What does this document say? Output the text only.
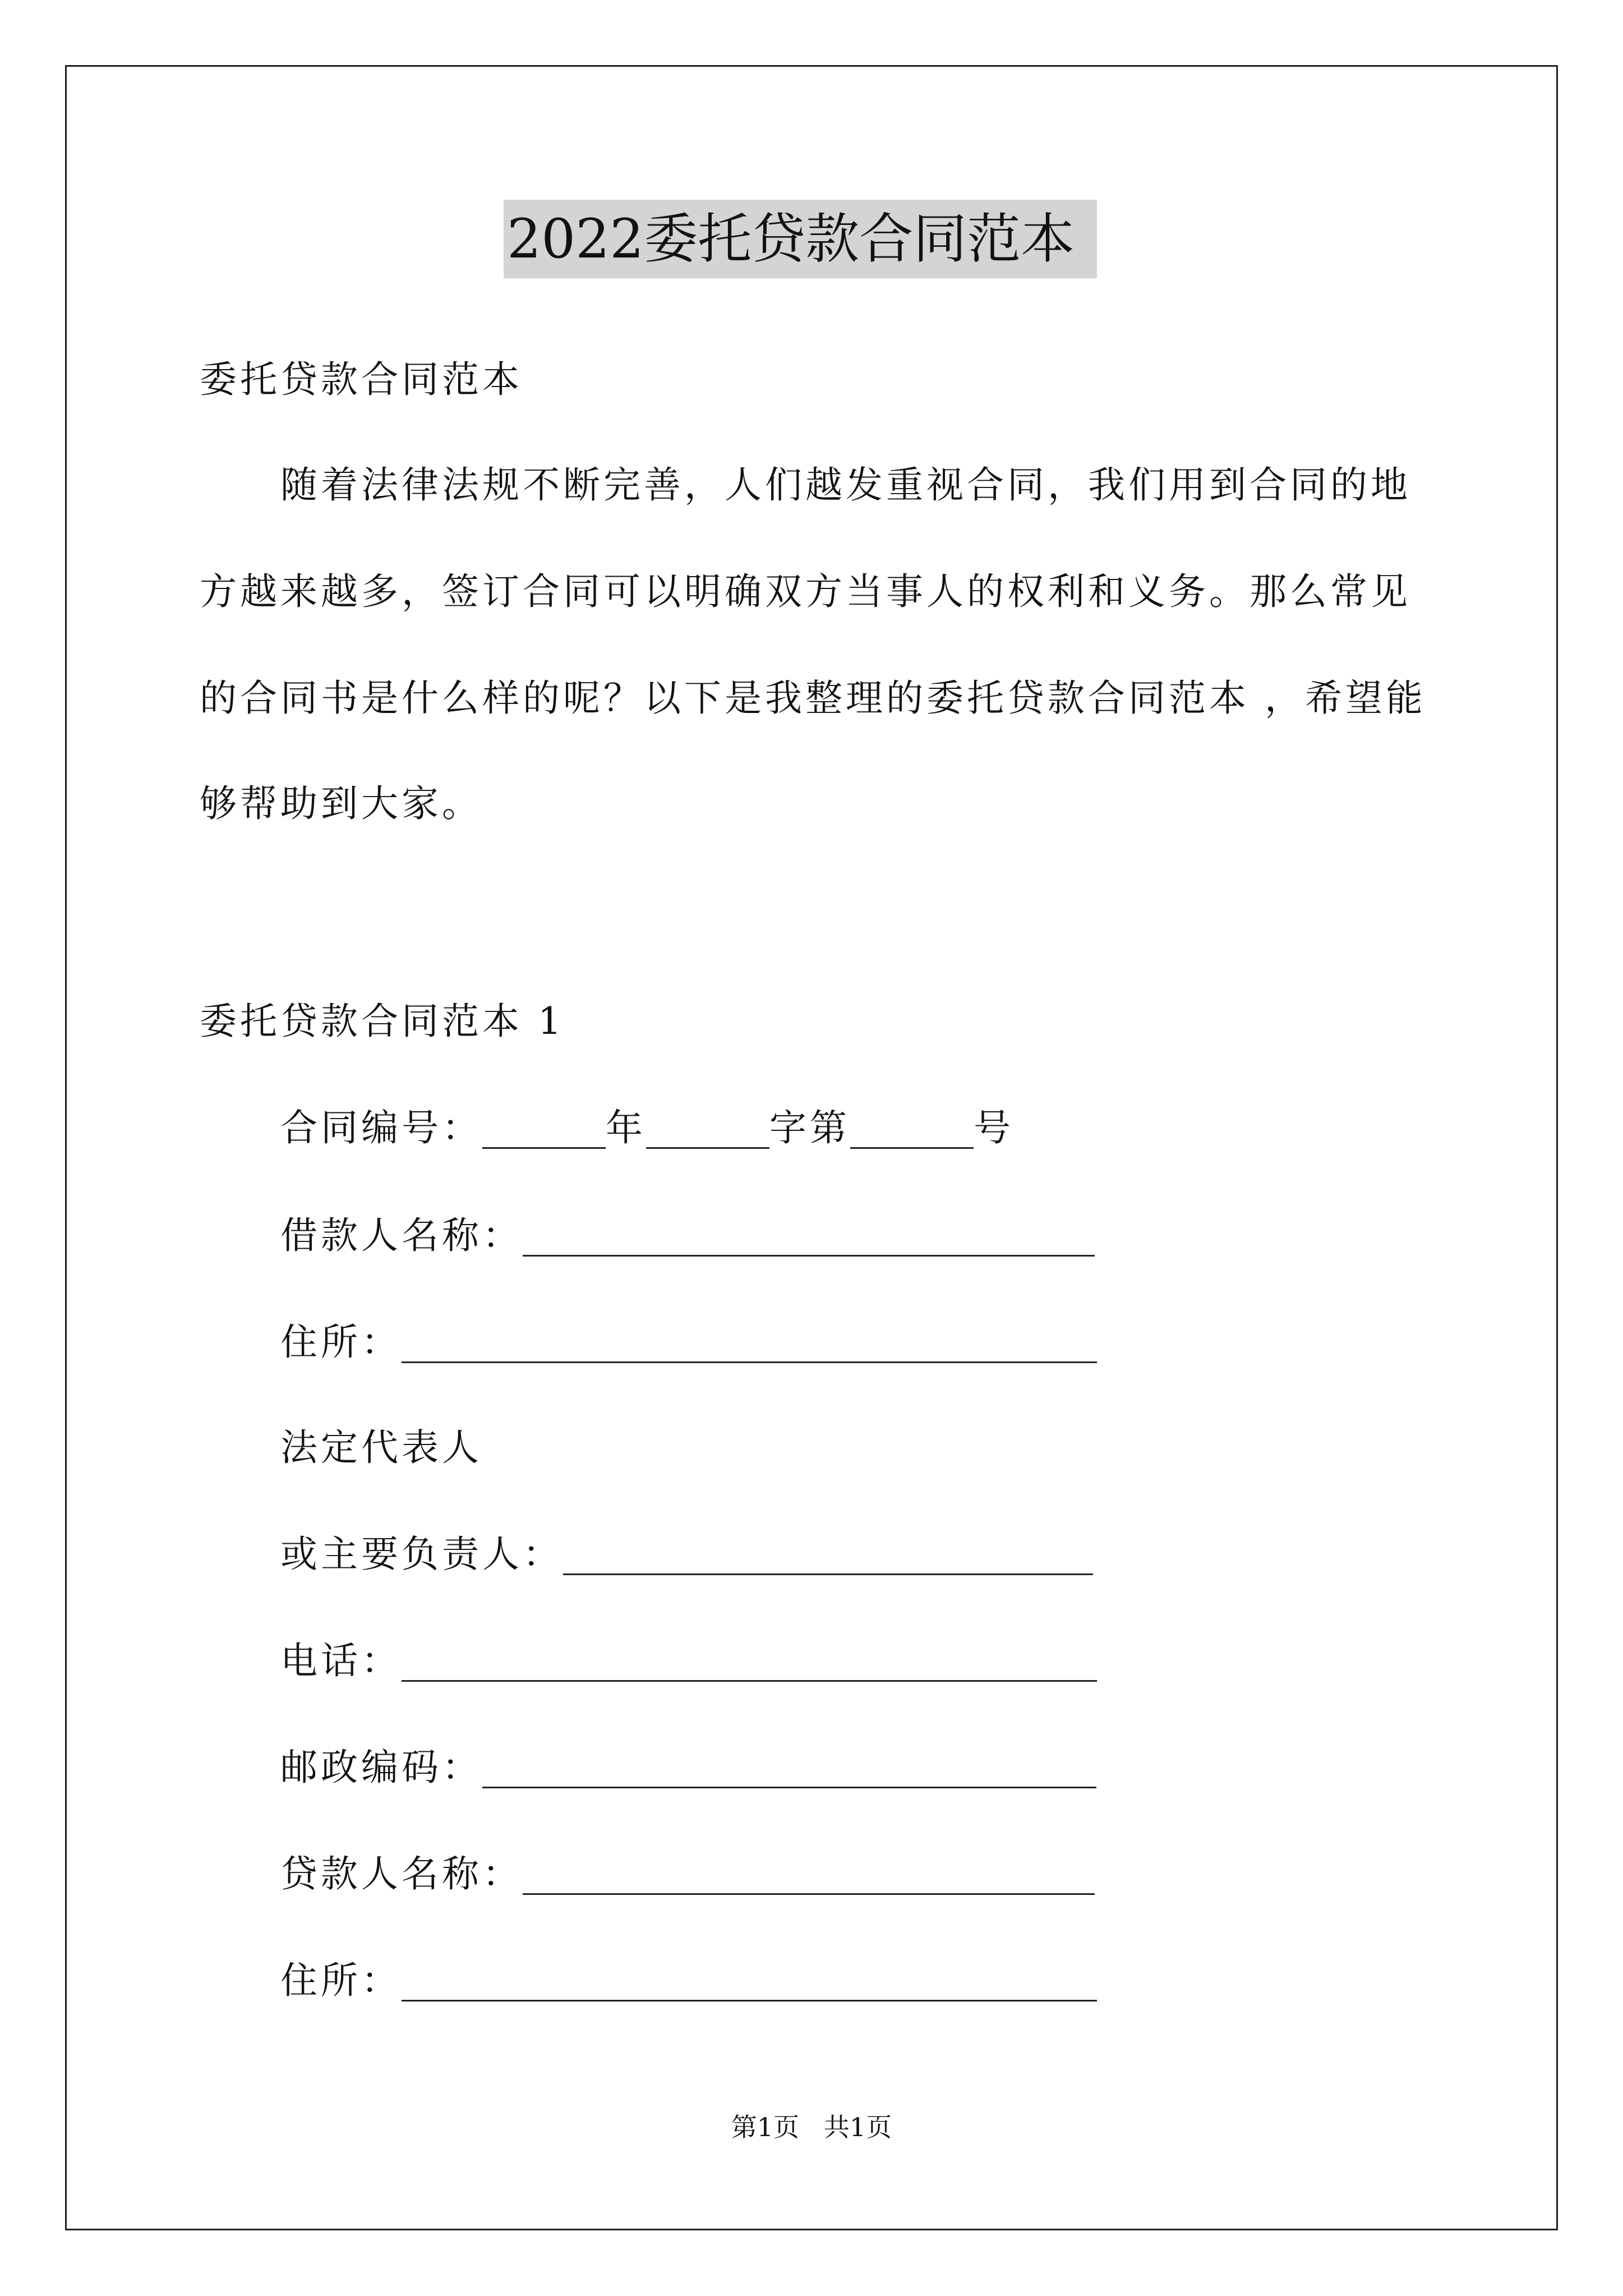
2022委托贷款合同范本
委托贷款合同范本
随着法律法规不断完善，人们越发重视合同，我们用到合同的地
方越来越多，签订合同可以明确双方当事人的权利和义务。那么常见
的合同书是什么样的呢？以下是我整理的委托贷款合同范本 ，希望能
够帮助到大家。
委托贷款合同范本 1
合同编号：	年	字第	号
借款人名称：
住所：
法定代表人
或主要负责人：
电话：
邮政编码：
贷款人名称：
住所：
第1页   共1页
